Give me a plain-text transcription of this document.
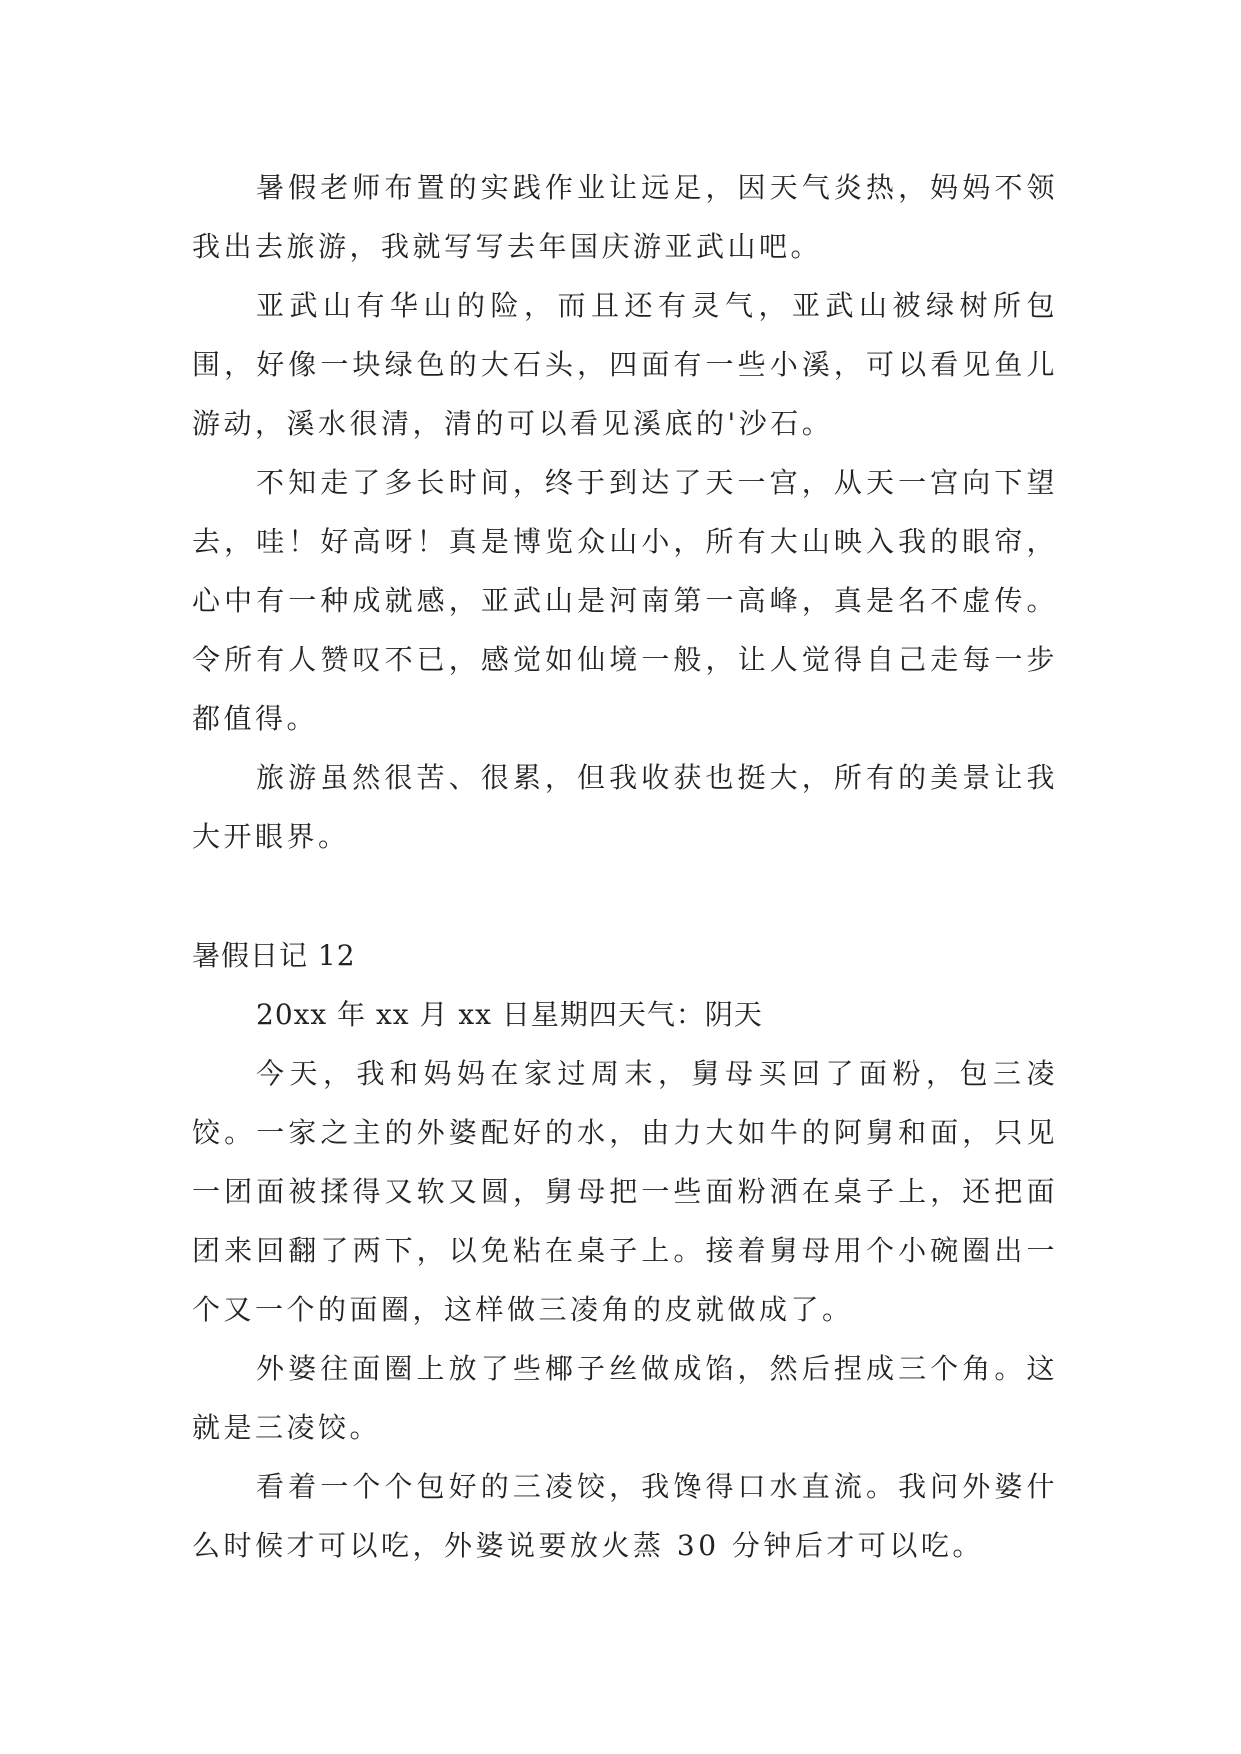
暑假老师布置的实践作业让远足，因天气炎热，妈妈不领我出去旅游，我就写写去年国庆游亚武山吧。

亚武山有华山的险，而且还有灵气，亚武山被绿树所包围，好像一块绿色的大石头，四面有一些小溪，可以看见鱼儿游动，溪水很清，清的可以看见溪底的'沙石。

不知走了多长时间，终于到达了天一宫，从天一宫向下望去，哇！好高呀！真是博览众山小，所有大山映入我的眼帘，心中有一种成就感，亚武山是河南第一高峰，真是名不虚传。令所有人赞叹不已，感觉如仙境一般，让人觉得自己走每一步都值得。

旅游虽然很苦、很累，但我收获也挺大，所有的美景让我大开眼界。

暑假日记 12

20xx 年 xx 月 xx 日星期四天气：阴天

今天，我和妈妈在家过周末，舅母买回了面粉，包三凌饺。一家之主的外婆配好的水，由力大如牛的阿舅和面，只见一团面被揉得又软又圆，舅母把一些面粉洒在桌子上，还把面团来回翻了两下，以免粘在桌子上。接着舅母用个小碗圈出一个又一个的面圈，这样做三凌角的皮就做成了。

外婆往面圈上放了些椰子丝做成馅，然后捏成三个角。这就是三凌饺。

看着一个个包好的三凌饺，我馋得口水直流。我问外婆什么时候才可以吃，外婆说要放火蒸 30 分钟后才可以吃。
